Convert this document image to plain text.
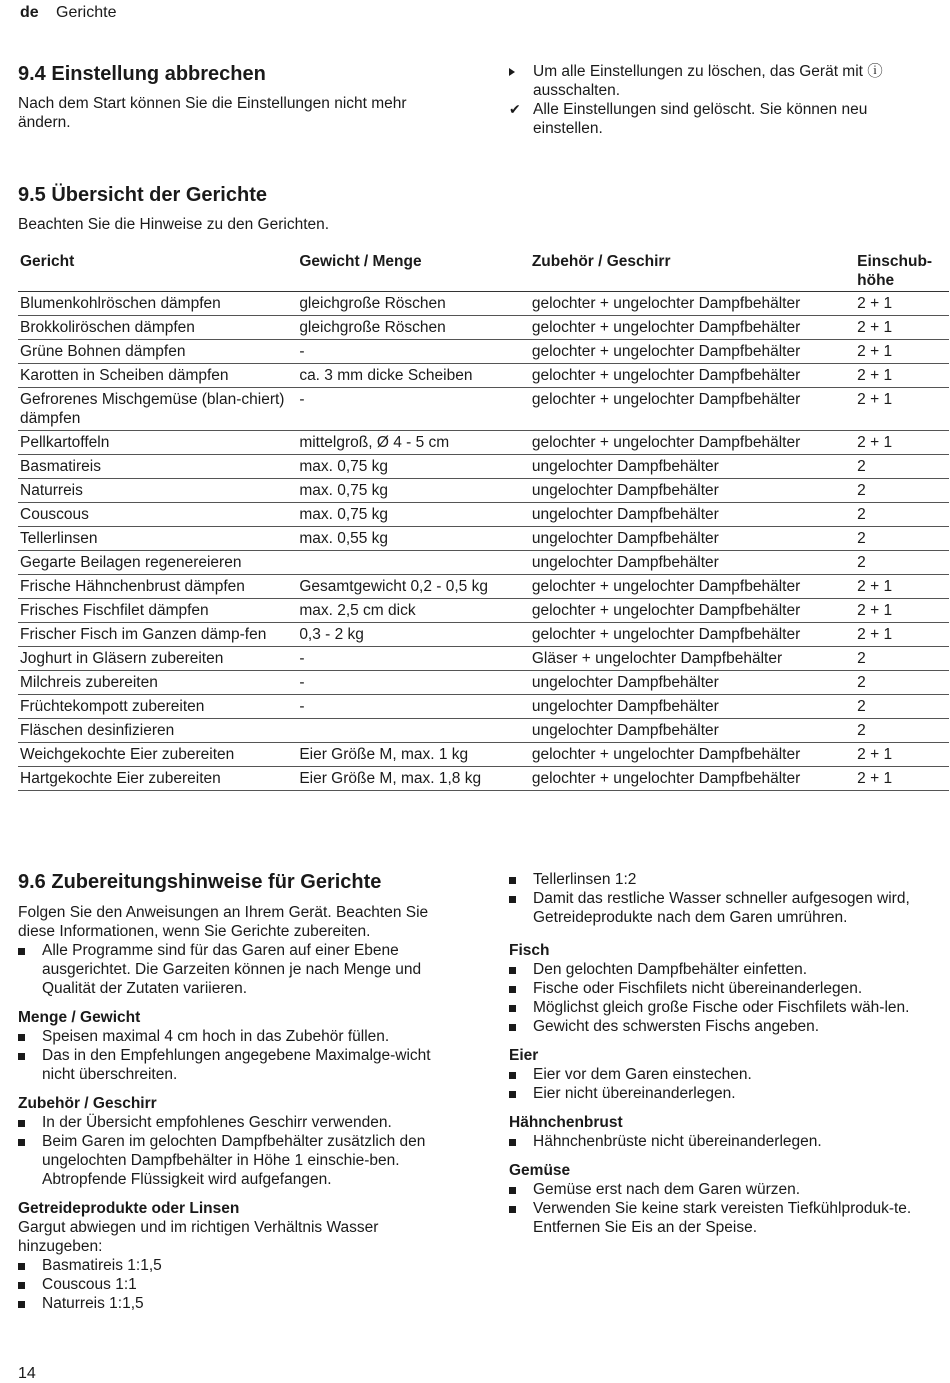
de Gerichte
9.4 Einstellung abbrechen

Nach dem Start können Sie die Einstellungen nicht mehr ändern.

Um alle Einstellungen zu löschen, das Gerät mit ⓘ ausschalten.
✔ Alle Einstellungen sind gelöscht. Sie können neu einstellen.
9.5 Übersicht der Gerichte

Beachten Sie die Hinweise zu den Gerichten.

Gericht	Gewicht / Menge	Zubehör / Geschirr	Einschub-höhe
Blumenkohlröschen dämpfen	gleichgroße Röschen	gelochter + ungelochter Dampfbehälter	2 + 1
Brokkoliröschen dämpfen	gleichgroße Röschen	gelochter + ungelochter Dampfbehälter	2 + 1
Grüne Bohnen dämpfen	-	gelochter + ungelochter Dampfbehälter	2 + 1
Karotten in Scheiben dämpfen	ca. 3 mm dicke Scheiben	gelochter + ungelochter Dampfbehälter	2 + 1
Gefrorenes Mischgemüse (blan-chiert) dämpfen	-	gelochter + ungelochter Dampfbehälter	2 + 1
Pellkartoffeln	mittelgroß, Ø 4 - 5 cm	gelochter + ungelochter Dampfbehälter	2 + 1
Basmatireis	max. 0,75 kg	ungelochter Dampfbehälter	2
Naturreis	max. 0,75 kg	ungelochter Dampfbehälter	2
Couscous	max. 0,75 kg	ungelochter Dampfbehälter	2
Tellerlinsen	max. 0,55 kg	ungelochter Dampfbehälter	2
Gegarte Beilagen regenereieren		ungelochter Dampfbehälter	2
Frische Hähnchenbrust dämpfen	Gesamtgewicht 0,2 - 0,5 kg	gelochter + ungelochter Dampfbehälter	2 + 1
Frisches Fischfilet dämpfen	max. 2,5 cm dick	gelochter + ungelochter Dampfbehälter	2 + 1
Frischer Fisch im Ganzen dämp-fen	0,3 - 2 kg	gelochter + ungelochter Dampfbehälter	2 + 1
Joghurt in Gläsern zubereiten	-	Gläser + ungelochter Dampfbehälter	2
Milchreis zubereiten	-	ungelochter Dampfbehälter	2
Früchtekompott zubereiten	-	ungelochter Dampfbehälter	2
Fläschen desinfizieren		ungelochter Dampfbehälter	2
Weichgekochte Eier zubereiten	Eier Größe M, max. 1 kg	gelochter + ungelochter Dampfbehälter	2 + 1
Hartgekochte Eier zubereiten	Eier Größe M, max. 1,8 kg	gelochter + ungelochter Dampfbehälter	2 + 1
9.6 Zubereitungshinweise für Gerichte

Folgen Sie den Anweisungen an Ihrem Gerät. Beachten Sie diese Informationen, wenn Sie Gerichte zubereiten.

Alle Programme sind für das Garen auf einer Ebene ausgerichtet. Die Garzeiten können je nach Menge und Qualität der Zutaten variieren.
Menge / Gewicht
Speisen maximal 4 cm hoch in das Zubehör füllen.
Das in den Empfehlungen angegebene Maximalge-wicht nicht überschreiten.
Zubehör / Geschirr
In der Übersicht empfohlenes Geschirr verwenden.
Beim Garen im gelochten Dampfbehälter zusätzlich den ungelochten Dampfbehälter in Höhe 1 einschie-ben. Abtropfende Flüssigkeit wird aufgefangen.
Getreideprodukte oder Linsen

Gargut abwiegen und im richtigen Verhältnis Wasser hinzugeben:

Basmatireis 1:1,5
Couscous 1:1
Naturreis 1:1,5
Tellerlinsen 1:2
Damit das restliche Wasser schneller aufgesogen wird, Getreideprodukte nach dem Garen umrühren.
Fisch
Den gelochten Dampfbehälter einfetten.
Fische oder Fischfilets nicht übereinanderlegen.
Möglichst gleich große Fische oder Fischfilets wäh-len.
Gewicht des schwersten Fischs angeben.
Eier
Eier vor dem Garen einstechen.
Eier nicht übereinanderlegen.
Hähnchenbrust
Hähnchenbrüste nicht übereinanderlegen.
Gemüse
Gemüse erst nach dem Garen würzen.
Verwenden Sie keine stark vereisten Tiefkühlproduk-te. Entfernen Sie Eis an der Speise.
14
